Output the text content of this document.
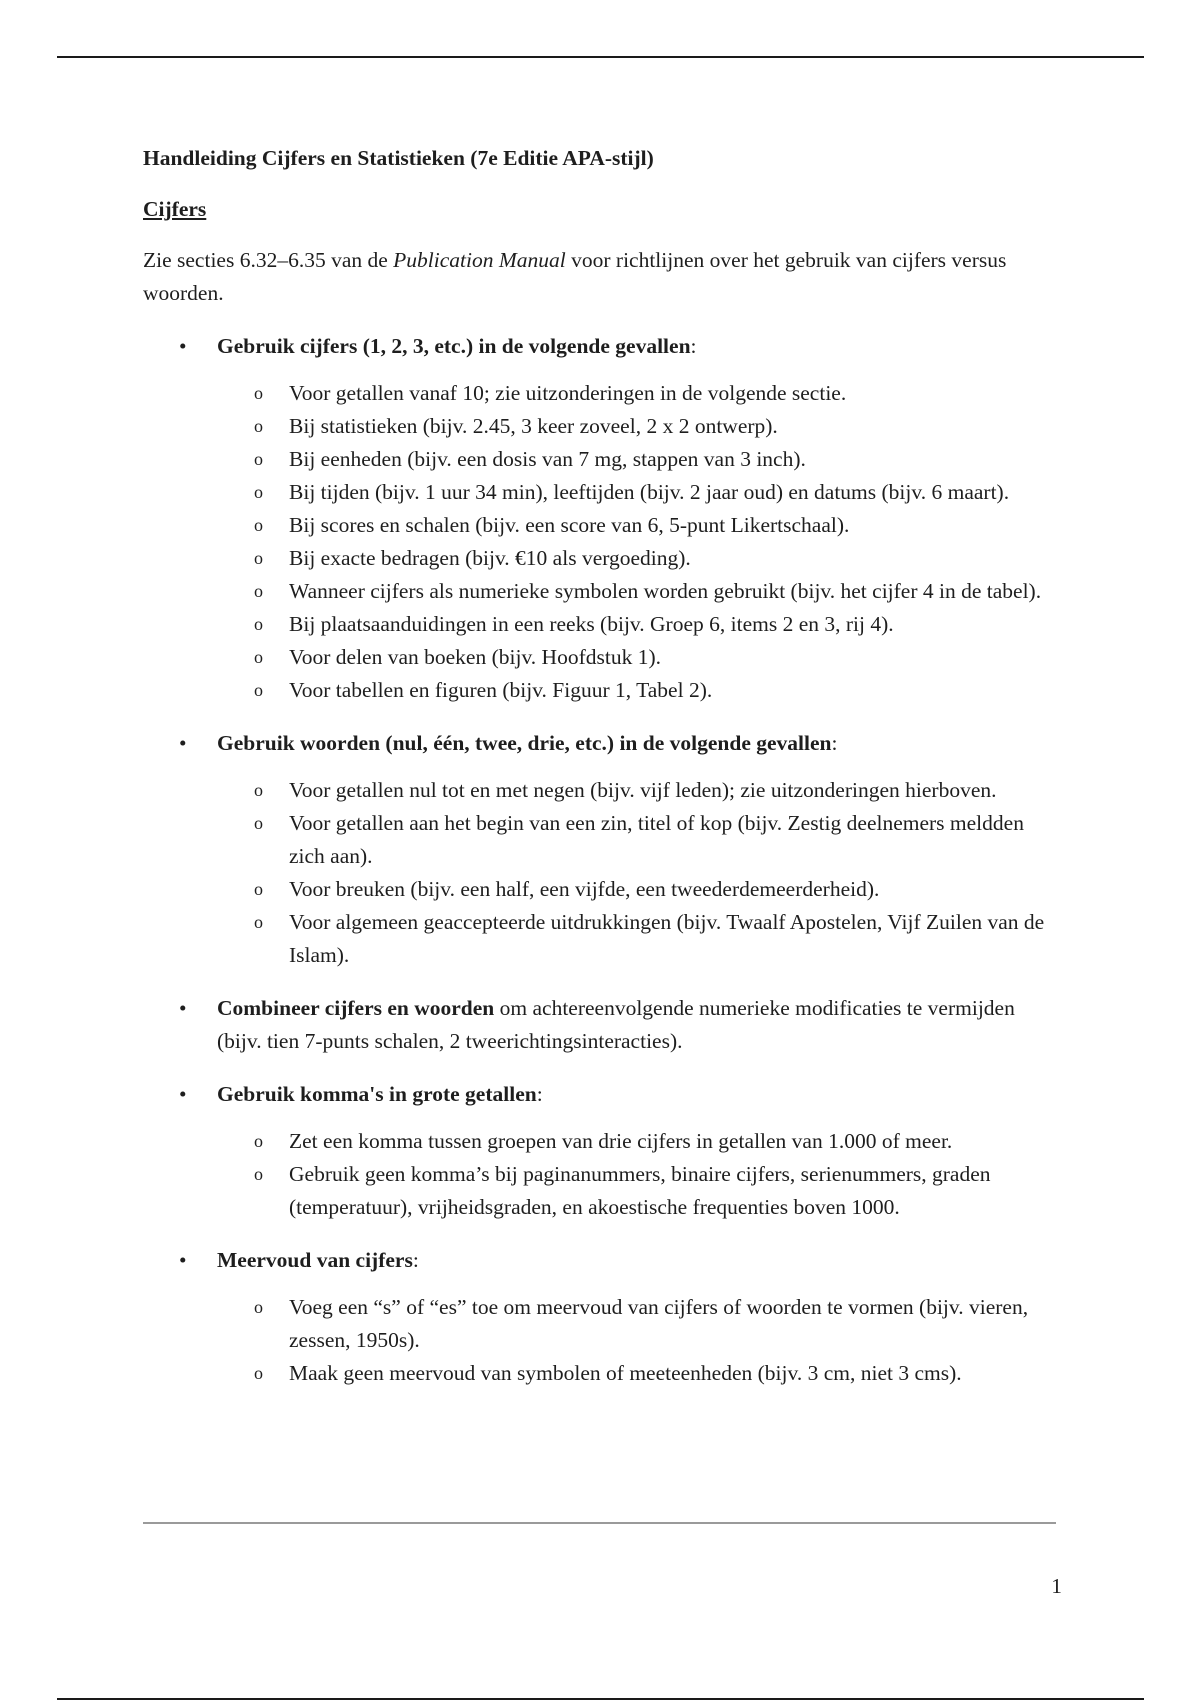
Handleiding Cijfers en Statistieken (7e Editie APA-stijl)

Cijfers

Zie secties 6.32–6.35 van de Publication Manual voor richtlijnen over het gebruik van cijfers versus woorden.

•	Gebruik cijfers (1, 2, 3, etc.) in de volgende gevallen:
o Voor getallen vanaf 10; zie uitzonderingen in de volgende sectie.
o Bij statistieken (bijv. 2.45, 3 keer zoveel, 2 x 2 ontwerp).
o Bij eenheden (bijv. een dosis van 7 mg, stappen van 3 inch).
o Bij tijden (bijv. 1 uur 34 min), leeftijden (bijv. 2 jaar oud) en datums (bijv. 6 maart).
o Bij scores en schalen (bijv. een score van 6, 5-punt Likertschaal).
o Bij exacte bedragen (bijv. €10 als vergoeding).
o Wanneer cijfers als numerieke symbolen worden gebruikt (bijv. het cijfer 4 in de tabel).
o Bij plaatsaanduidingen in een reeks (bijv. Groep 6, items 2 en 3, rij 4).
o Voor delen van boeken (bijv. Hoofdstuk 1).
o Voor tabellen en figuren (bijv. Figuur 1, Tabel 2).
•	Gebruik woorden (nul, één, twee, drie, etc.) in de volgende gevallen:
o Voor getallen nul tot en met negen (bijv. vijf leden); zie uitzonderingen hierboven.
o Voor getallen aan het begin van een zin, titel of kop (bijv. Zestig deelnemers meldden zich aan).
o Voor breuken (bijv. een half, een vijfde, een tweederdemeerderheid).
o Voor algemeen geaccepteerde uitdrukkingen (bijv. Twaalf Apostelen, Vijf Zuilen van de Islam).
•	Combineer cijfers en woorden om achtereenvolgende numerieke modificaties te vermijden (bijv. tien 7-punts schalen, 2 tweerichtingsinteracties).
•	Gebruik komma's in grote getallen:
o Zet een komma tussen groepen van drie cijfers in getallen van 1.000 of meer.
o Gebruik geen komma’s bij paginanummers, binaire cijfers, serienummers, graden (temperatuur), vrijheidsgraden, en akoestische frequenties boven 1000.
•	Meervoud van cijfers:
o Voeg een “s” of “es” toe om meervoud van cijfers of woorden te vormen (bijv. vieren, zessen, 1950s).
o Maak geen meervoud van symbolen of meeteenheden (bijv. 3 cm, niet 3 cms).
1
